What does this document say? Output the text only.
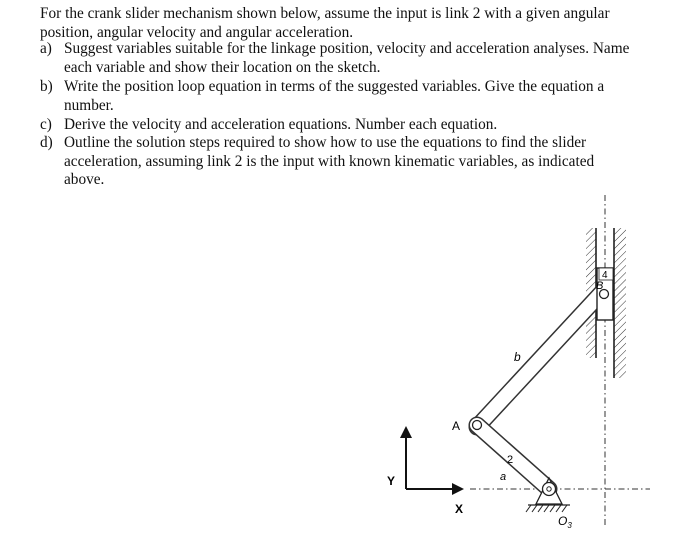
For the crank slider mechanism shown below, assume the input is link 2 with a given angular position, angular velocity and angular acceleration.
a) Suggest variables suitable for the linkage position, velocity and acceleration analyses. Name each variable and show their location on the sketch.
b) Write the position loop equation in terms of the suggested variables. Give the equation a number.
c) Derive the velocity and acceleration equations. Number each equation.
d) Outline the solution steps required to show how to use the equations to find the slider acceleration, assuming link 2 is the input with known kinematic variables, as indicated above.
Y
X
A
B
a
b
2
4
$O_3$
